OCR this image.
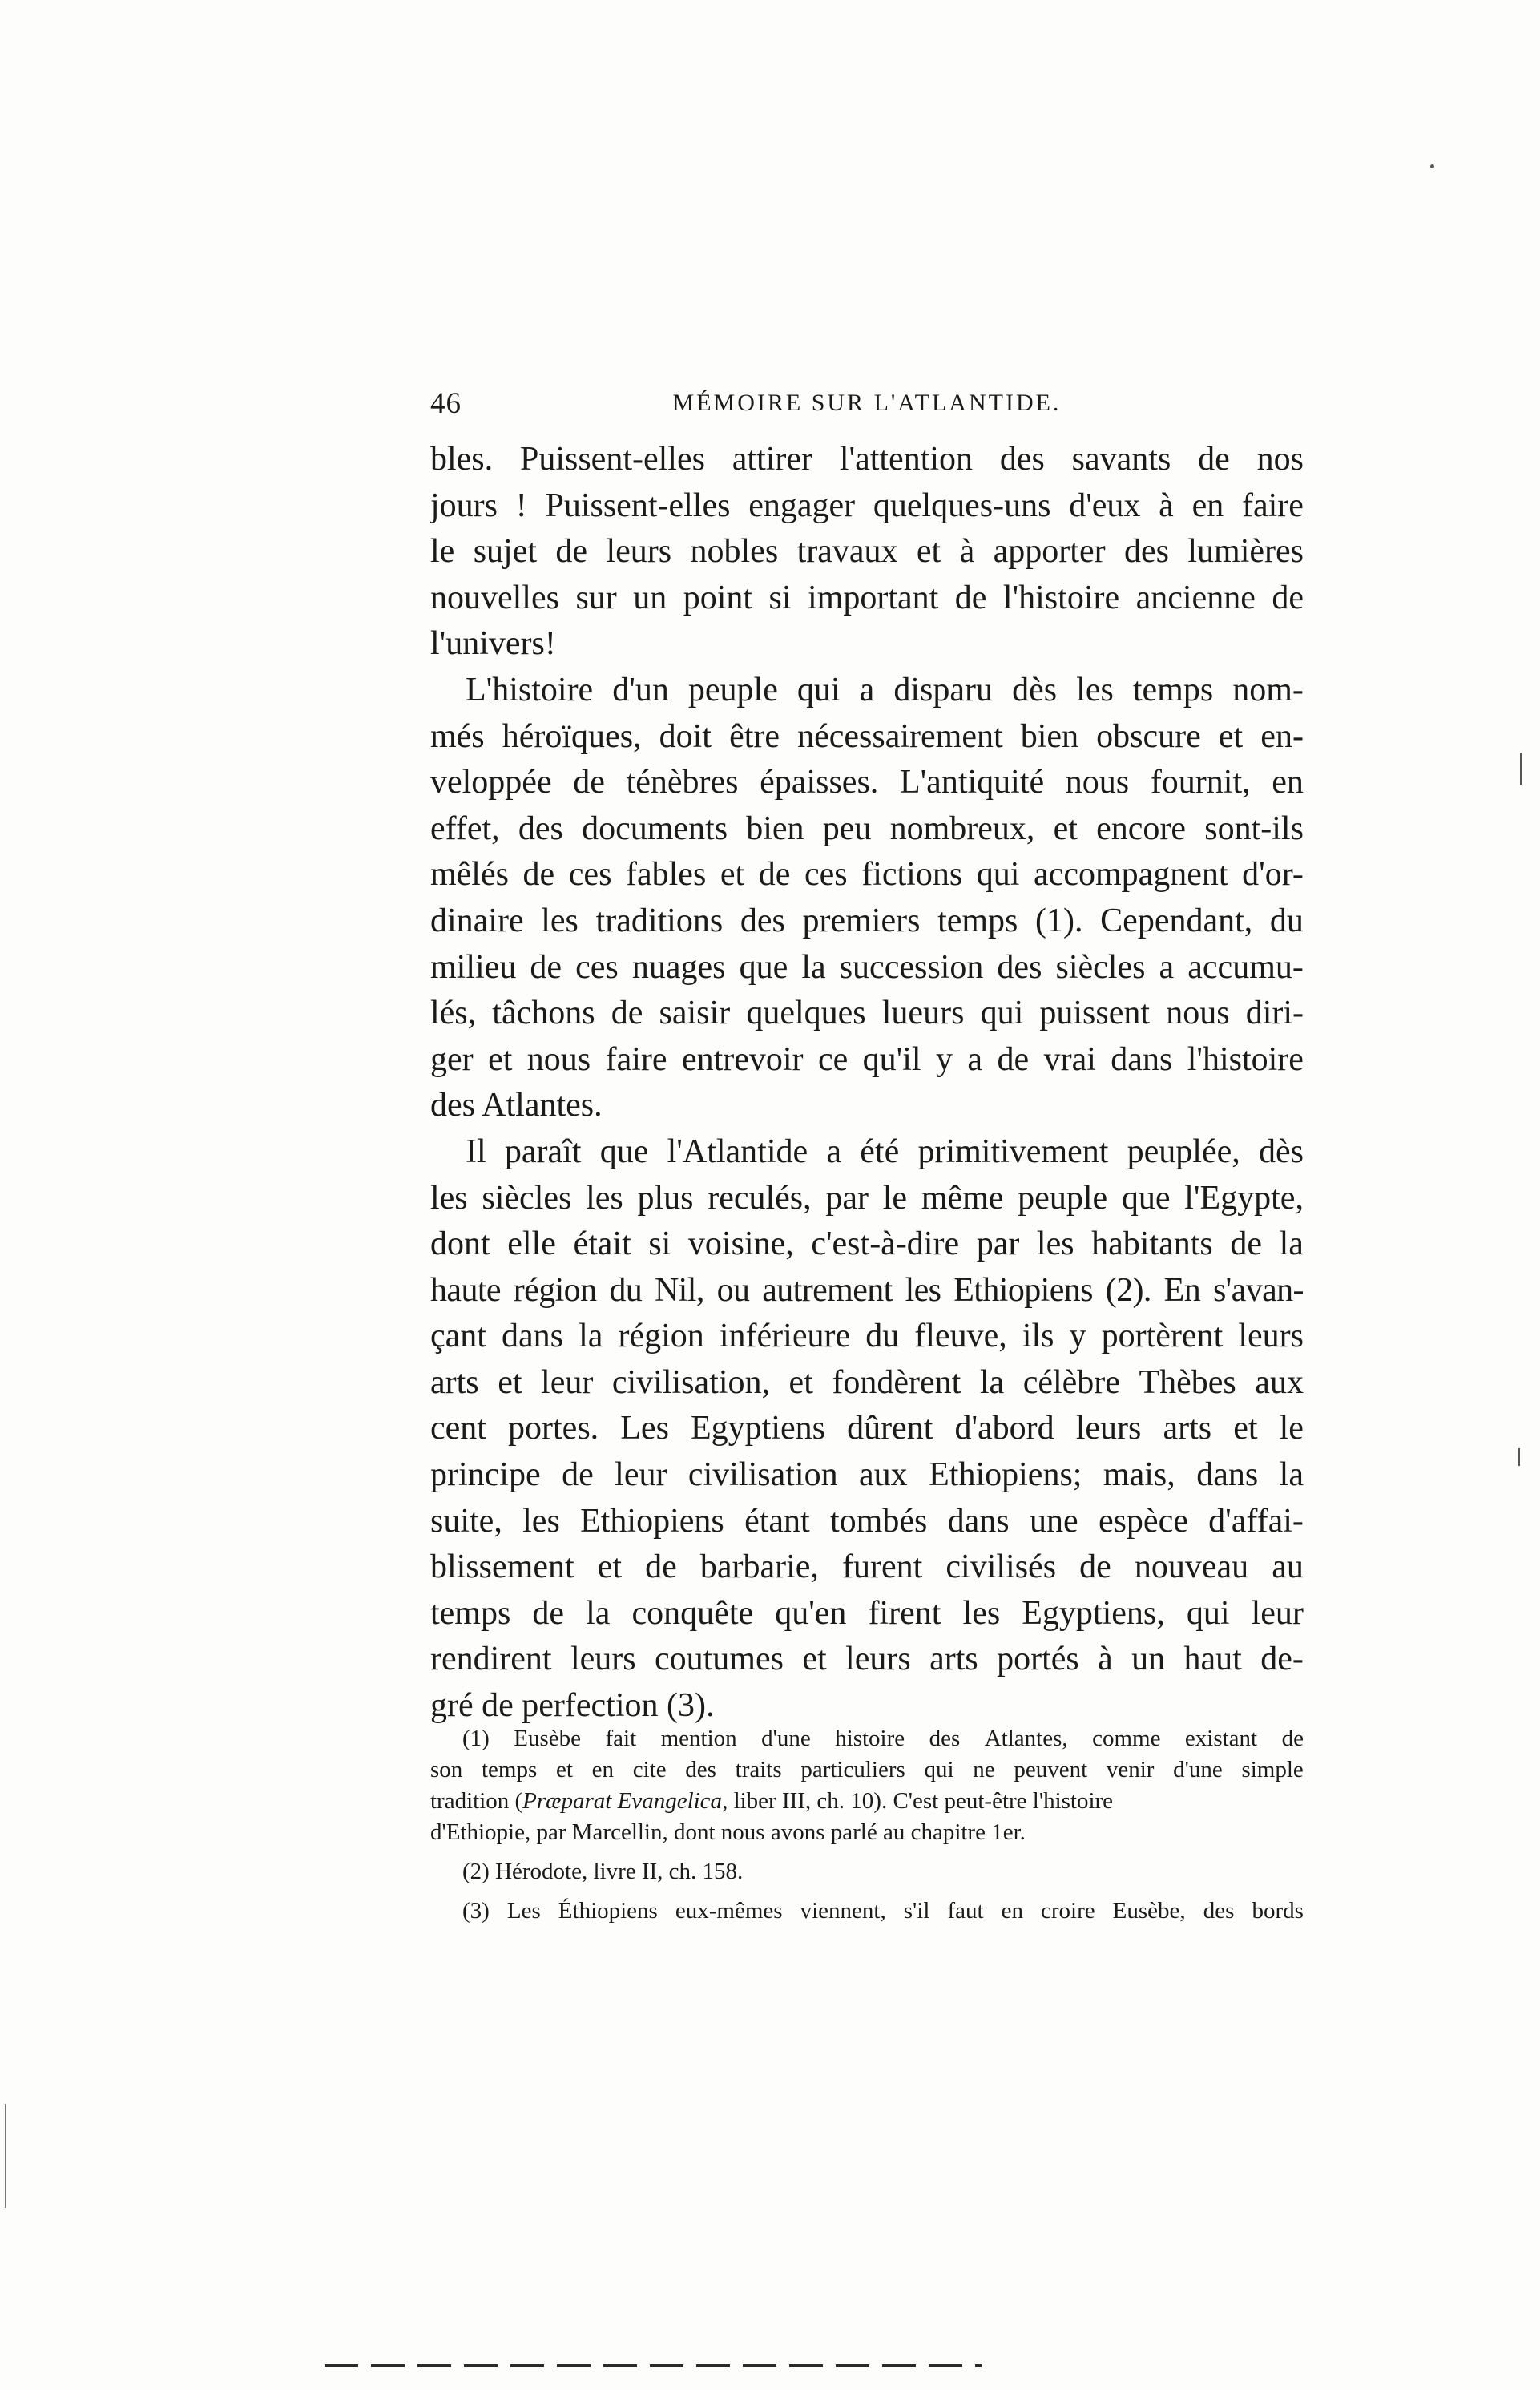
46	MÉMOIRE SUR L'ATLANTIDE.
bles. Puissent-elles attirer l'attention des savants de nos
jours ! Puissent-elles engager quelques-uns d'eux à en faire
le sujet de leurs nobles travaux et à apporter des lumières
nouvelles sur un point si important de l'histoire ancienne de
l'univers!
L'histoire d'un peuple qui a disparu dès les temps nom-
més héroïques, doit être nécessairement bien obscure et en-
veloppée de ténèbres épaisses. L'antiquité nous fournit, en
effet, des documents bien peu nombreux, et encore sont-ils
mêlés de ces fables et de ces fictions qui accompagnent d'or-
dinaire les traditions des premiers temps (1). Cependant, du
milieu de ces nuages que la succession des siècles a accumu-
lés, tâchons de saisir quelques lueurs qui puissent nous diri-
ger et nous faire entrevoir ce qu'il y a de vrai dans l'histoire
des Atlantes.
Il paraît que l'Atlantide a été primitivement peuplée, dès
les siècles les plus reculés, par le même peuple que l'Egypte,
dont elle était si voisine, c'est-à-dire par les habitants de la
haute région du Nil, ou autrement les Ethiopiens (2). En s'avan-
çant dans la région inférieure du fleuve, ils y portèrent leurs
arts et leur civilisation, et fondèrent la célèbre Thèbes aux
cent portes. Les Egyptiens dûrent d'abord leurs arts et le
principe de leur civilisation aux Ethiopiens; mais, dans la
suite, les Ethiopiens étant tombés dans une espèce d'affai-
blissement et de barbarie, furent civilisés de nouveau au
temps de la conquête qu'en firent les Egyptiens, qui leur
rendirent leurs coutumes et leurs arts portés à un haut de-
gré de perfection (3).
(1) Eusèbe fait mention d'une histoire des Atlantes, comme existant de
son temps et en cite des traits particuliers qui ne peuvent venir d'une simple
tradition (Præparat Evangelica, liber III, ch. 10). C'est peut-être l'histoire
d'Ethiopie, par Marcellin, dont nous avons parlé au chapitre 1er.
(2) Hérodote, livre II, ch. 158.
(3) Les Éthiopiens eux-mêmes viennent, s'il faut en croire Eusèbe, des bords
